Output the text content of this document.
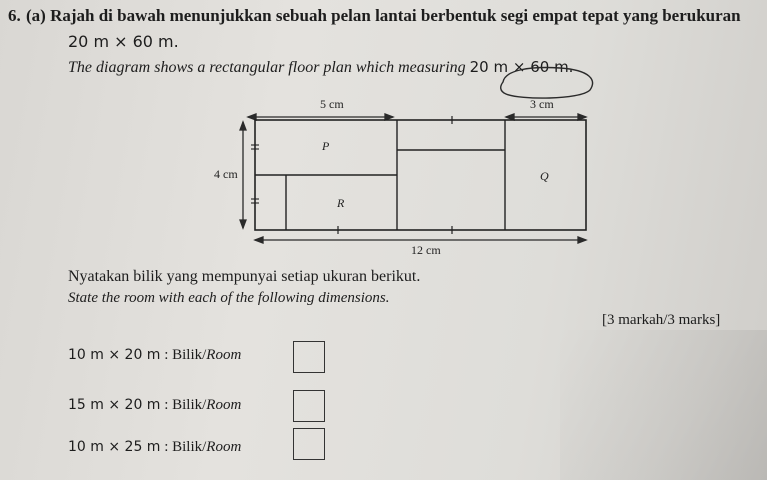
6. (a) Rajah di bawah menunjukkan sebuah pelan lantai berbentuk segi empat tepat yang berukuran
20 m × 60 m.
The diagram shows a rectangular floor plan which measuring 20 m × 60 m.
5 cm	3 cm
4 cm
12 cm
P
Q
R
Nyatakan bilik yang mempunyai setiap ukuran berikut.
State the room with each of the following dimensions.
[3 markah/3 marks]
10 m × 20 m : Bilik/Room
15 m × 20 m : Bilik/Room
10 m × 25 m : Bilik/Room
